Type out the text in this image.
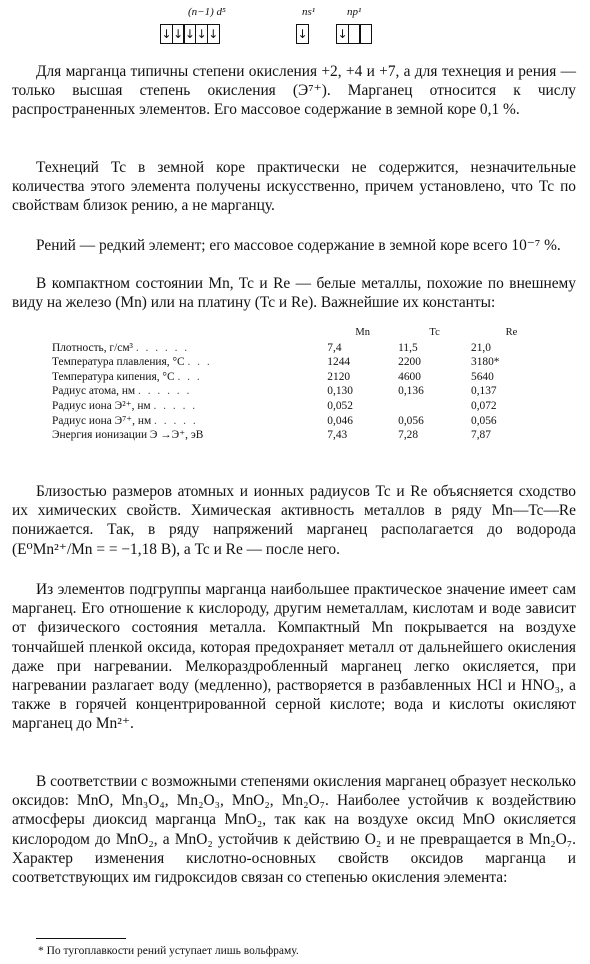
(n−1) d⁵	ns¹	np¹
↓ ↓ ↓ ↓ ↓	↓ ↓

Для марганца типичны степени окисления +2, +4 и +7, а для технеция и рения — только высшая степень окисления (Э⁷⁺). Марганец относится к числу распространенных элементов. Его массовое содержание в земной коре 0,1 %.

Технеций Tc в земной коре практически не содержится, незначительные количества этого элемента получены искусственно, причем установлено, что Tc по свойствам близок рению, а не марганцу.

Рений — редкий элемент; его массовое содержание в земной коре всего 10⁻⁷ %.

В компактном состоянии Mn, Tc и Re — белые металлы, похожие по внешнему виду на железо (Mn) или на платину (Tc и Re). Важнейшие их константы:

	Mn	Tc	Re
Плотность, г/см³ . . . . . .	7,4	11,5	21,0
Температура плавления, °C . . .	1244	2200	3180*
Температура кипения, °C . . .	2120	4600	5640
Радиус атома, нм . . . . . .	0,130	0,136	0,137
Радиус иона Э²⁺, нм . . . . .	0,052		0,072
Радиус иона Э⁷⁺, нм . . . . .	0,046	0,056	0,056
Энергия ионизации Э →Э⁺, эВ	7,43	7,28	7,87

Близостью размеров атомных и ионных радиусов Tc и Re объясняется сходство их химических свойств. Химическая активность металлов в ряду Mn—Tc—Re понижается. Так, в ряду напряжений марганец располагается до водорода (E⁰Mn²⁺/Mn = = −1,18 В), а Tc и Re — после него.

Из элементов подгруппы марганца наибольшее практическое значение имеет сам марганец. Его отношение к кислороду, другим неметаллам, кислотам и воде зависит от физического состояния металла. Компактный Mn покрывается на воздухе тончайшей пленкой оксида, которая предохраняет металл от дальнейшего окисления даже при нагревании. Мелкораздробленный марганец легко окисляется, при нагревании разлагает воду (медленно), растворяется в разбавленных HCl и HNO₃, а также в горячей концентрированной серной кислоте; вода и кислоты окисляют марганец до Mn²⁺.

В соответствии с возможными степенями окисления марганец образует несколько оксидов: MnO, Mn₃O₄, Mn₂O₃, MnO₂, Mn₂O₇. Наиболее устойчив к воздействию атмосферы диоксид марганца MnO₂, так как на воздухе оксид MnO окисляется кислородом до MnO₂, а MnO₂ устойчив к действию O₂ и не превращается в Mn₂O₇. Характер изменения кислотно-основных свойств оксидов марганца и соответствующих им гидроксидов связан со степенью окисления элемента:

* По тугоплавкости рений уступает лишь вольфраму.
